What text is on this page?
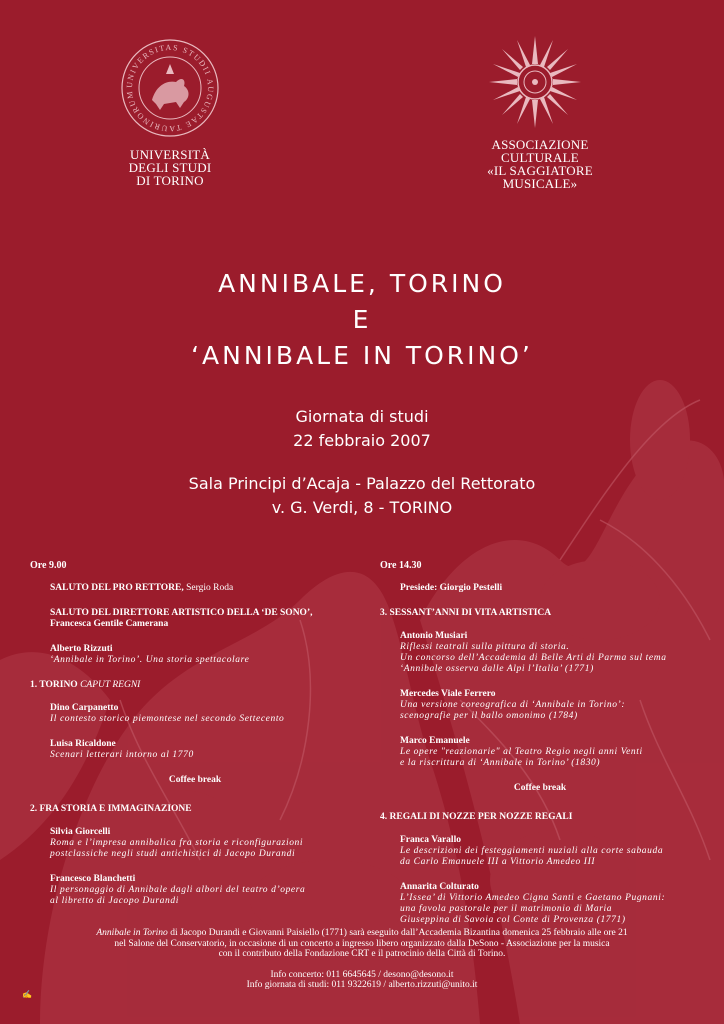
UNIVERSITAS STUDII AUGUSTAE TAURINORUM
UNIVERSITÀ
DEGLI STUDI
DI TORINO
ASSOCIAZIONE
CULTURALE
«IL SAGGIATORE
MUSICALE»
ANNIBALE, TORINO
E
‘ANNIBALE IN TORINO’
Giornata di studi
22 febbraio 2007
Sala Principi d’Acaja - Palazzo del Rettorato
v. G. Verdi, 8 - TORINO
Ore 9.00
SALUTO DEL PRO RETTORE, Sergio Roda
SALUTO DEL DIRETTORE ARTISTICO DELLA ‘DE SONO’,
Francesca Gentile Camerana
Alberto Rizzuti
‘Annibale in Torino’. Una storia spettacolare
1. TORINO CAPUT REGNI
Dino Carpanetto
Il contesto storico piemontese nel secondo Settecento
Luisa Ricaldone
Scenari letterari intorno al 1770
Coffee break
2. FRA STORIA E IMMAGINAZIONE
Silvia Giorcelli
Roma e l’impresa annibalica fra storia e riconfigurazioni
postclassiche negli studi antichistici di Jacopo Durandi
Francesco Blanchetti
Il personaggio di Annibale dagli albori del teatro d’opera
al libretto di Jacopo Durandi
Ore 14.30
Presiede: Giorgio Pestelli
3. SESSANT’ANNI DI VITA ARTISTICA
Antonio Musiari
Riflessi teatrali sulla pittura di storia.
Un concorso dell’Accademia di Belle Arti di Parma sul tema
‘Annibale osserva dalle Alpi l’Italia’ (1771)
Mercedes Viale Ferrero
Una versione coreografica di ‘Annibale in Torino’:
scenografie per il ballo omonimo (1784)
Marco Emanuele
Le opere "reazionarie" al Teatro Regio negli anni Venti
e la riscrittura di ‘Annibale in Torino’ (1830)
Coffee break
4. REGALI DI NOZZE PER NOZZE REGALI
Franca Varallo
Le descrizioni dei festeggiamenti nuziali alla corte sabauda
da Carlo Emanuele III a Vittorio Amedeo III
Annarita Colturato
L’Issea’ di Vittorio Amedeo Cigna Santi e Gaetano Pugnani:
una favola pastorale per il matrimonio di Maria
Giuseppina di Savoia col Conte di Provenza (1771)
Annibale in Torino di Jacopo Durandi e Giovanni Paisiello (1771) sarà eseguito dall’Accademia Bizantina domenica 25 febbraio alle ore 21
nel Salone del Conservatorio, in occasione di un concerto a ingresso libero organizzato dalla DeSono - Associazione per la musica
con il contributo della Fondazione CRT e il patrocinio della Città di Torino.
Info concerto: 011 6645645 / desono@desono.it
Info giornata di studi: 011 9322619 / alberto.rizzuti@unito.it
✍
